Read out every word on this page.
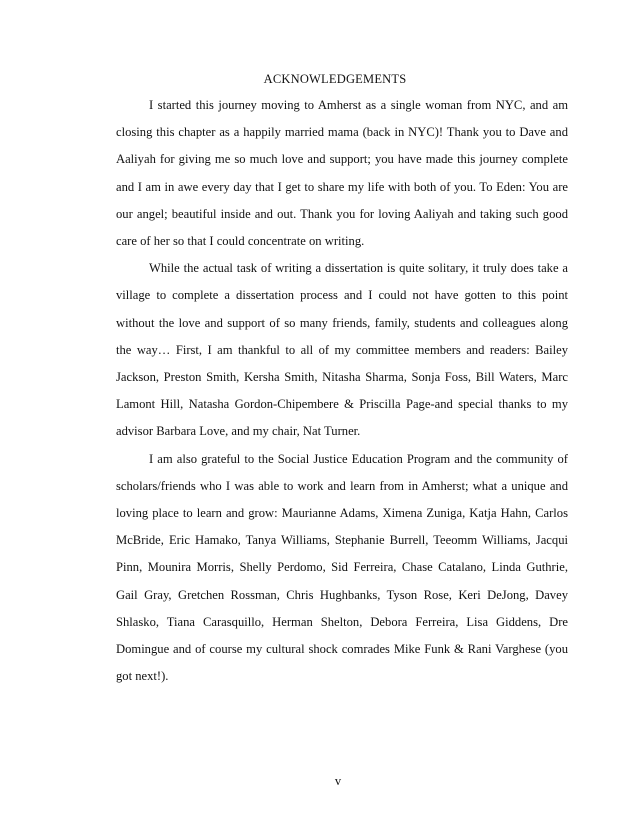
ACKNOWLEDGEMENTS

I started this journey moving to Amherst as a single woman from NYC, and am closing this chapter as a happily married mama (back in NYC)! Thank you to Dave and Aaliyah for giving me so much love and support; you have made this journey complete and I am in awe every day that I get to share my life with both of you. To Eden: You are our angel; beautiful inside and out. Thank you for loving Aaliyah and taking such good care of her so that I could concentrate on writing.

While the actual task of writing a dissertation is quite solitary, it truly does take a village to complete a dissertation process and I could not have gotten to this point without the love and support of so many friends, family, students and colleagues along the way… First, I am thankful to all of my committee members and readers: Bailey Jackson, Preston Smith, Kersha Smith, Nitasha Sharma, Sonja Foss, Bill Waters, Marc Lamont Hill, Natasha Gordon-Chipembere & Priscilla Page-and special thanks to my advisor Barbara Love, and my chair, Nat Turner.

I am also grateful to the Social Justice Education Program and the community of scholars/friends who I was able to work and learn from in Amherst; what a unique and loving place to learn and grow: Maurianne Adams, Ximena Zuniga, Katja Hahn, Carlos McBride, Eric Hamako, Tanya Williams, Stephanie Burrell, Teeomm Williams, Jacqui Pinn, Mounira Morris, Shelly Perdomo, Sid Ferreira, Chase Catalano, Linda Guthrie, Gail Gray, Gretchen Rossman, Chris Hughbanks, Tyson Rose, Keri DeJong, Davey Shlasko, Tiana Carasquillo, Herman Shelton, Debora Ferreira, Lisa Giddens, Dre Domingue and of course my cultural shock comrades Mike Funk & Rani Varghese (you got next!).

v
